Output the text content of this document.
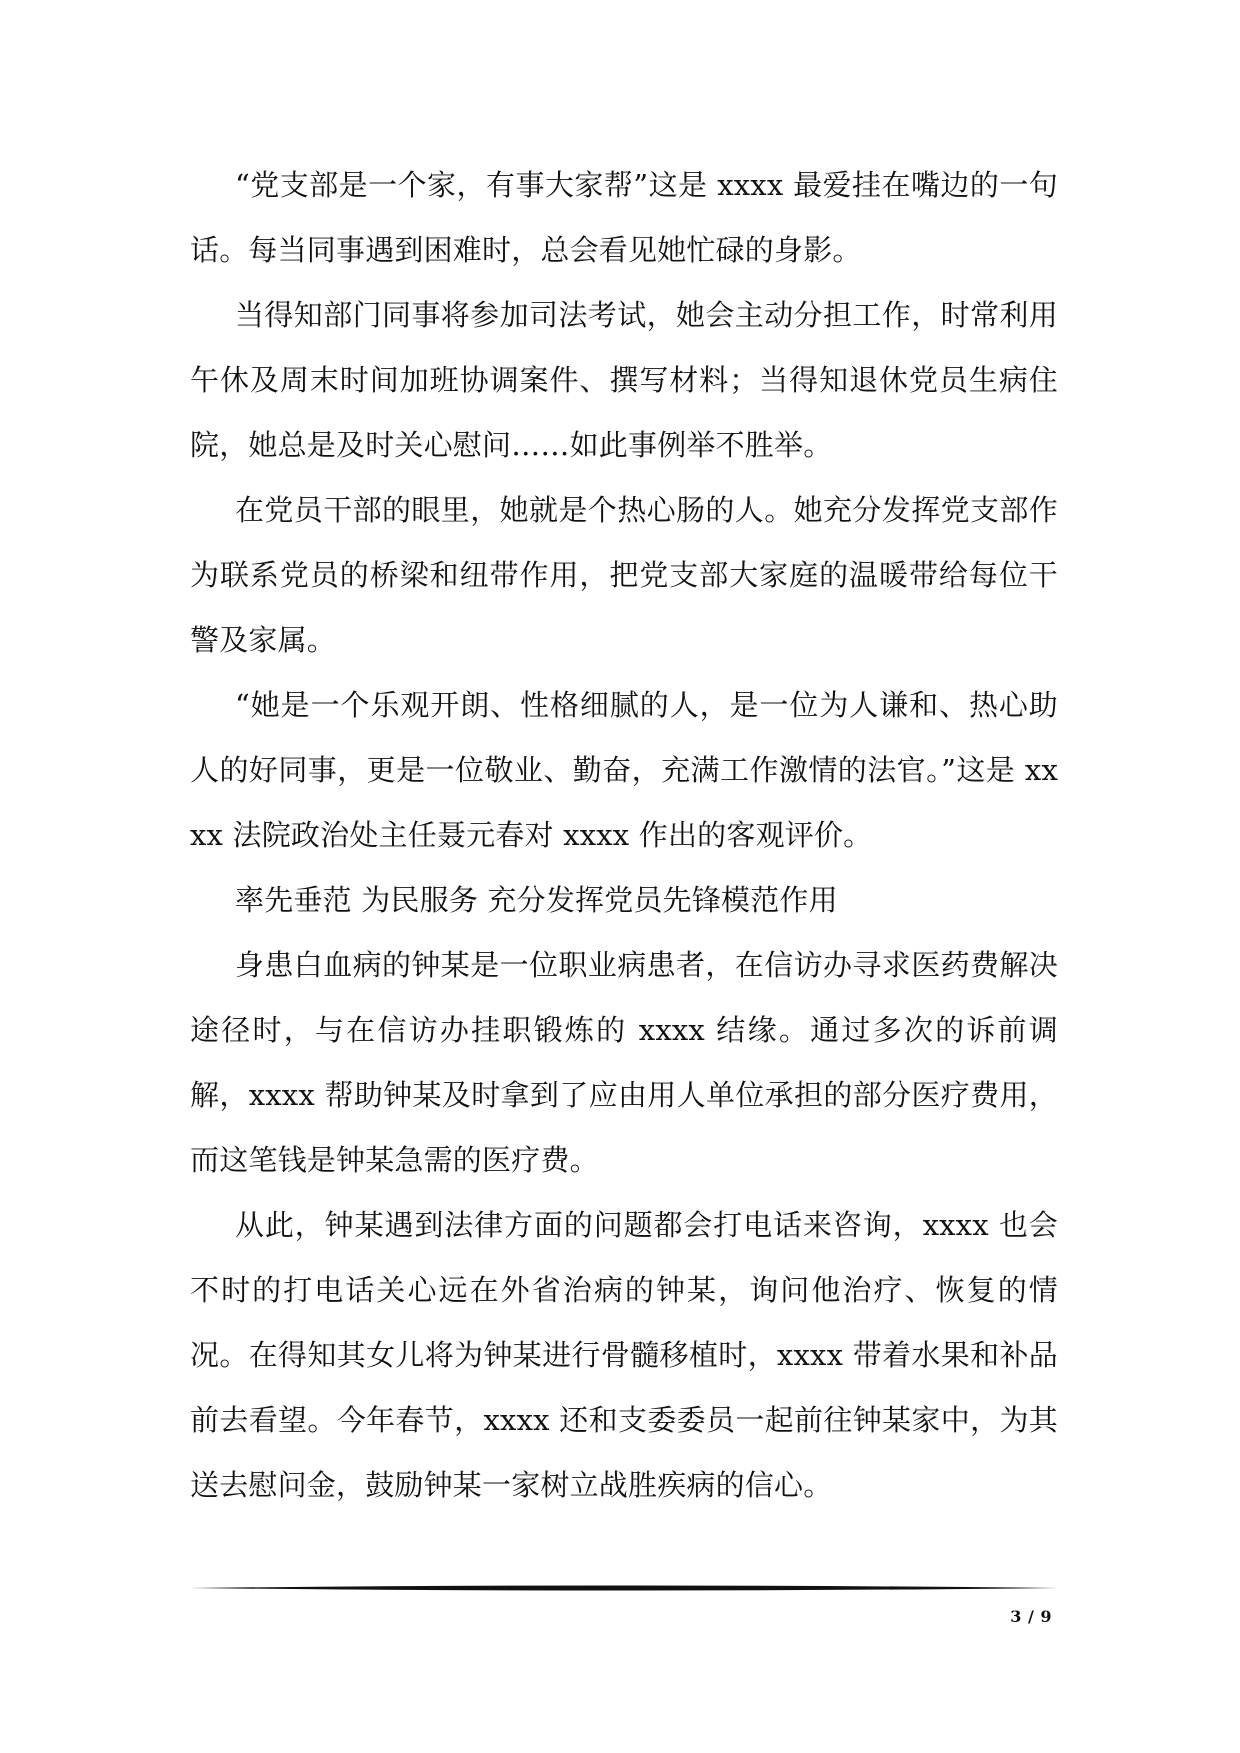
“党支部是一个家，有事大家帮”这是 xxxx 最爱挂在嘴边的一句话。每当同事遇到困难时，总会看见她忙碌的身影。

当得知部门同事将参加司法考试，她会主动分担工作，时常利用午休及周末时间加班协调案件、撰写材料；当得知退休党员生病住院，她总是及时关心慰问……如此事例举不胜举。

在党员干部的眼里，她就是个热心肠的人。她充分发挥党支部作为联系党员的桥梁和纽带作用，把党支部大家庭的温暖带给每位干警及家属。

“她是一个乐观开朗、性格细腻的人，是一位为人谦和、热心助人的好同事，更是一位敬业、勤奋，充满工作激情的法官。”这是 xxxx 法院政治处主任聂元春对 xxxx 作出的客观评价。

率先垂范 为民服务 充分发挥党员先锋模范作用

身患白血病的钟某是一位职业病患者，在信访办寻求医药费解决途径时，与在信访办挂职锻炼的 xxxx 结缘。通过多次的诉前调解，xxxx 帮助钟某及时拿到了应由用人单位承担的部分医疗费用，而这笔钱是钟某急需的医疗费。

从此，钟某遇到法律方面的问题都会打电话来咨询，xxxx 也会不时的打电话关心远在外省治病的钟某，询问他治疗、恢复的情况。在得知其女儿将为钟某进行骨髓移植时，xxxx 带着水果和补品前去看望。今年春节，xxxx 还和支委委员一起前往钟某家中，为其送去慰问金，鼓励钟某一家树立战胜疾病的信心。

3 / 9
